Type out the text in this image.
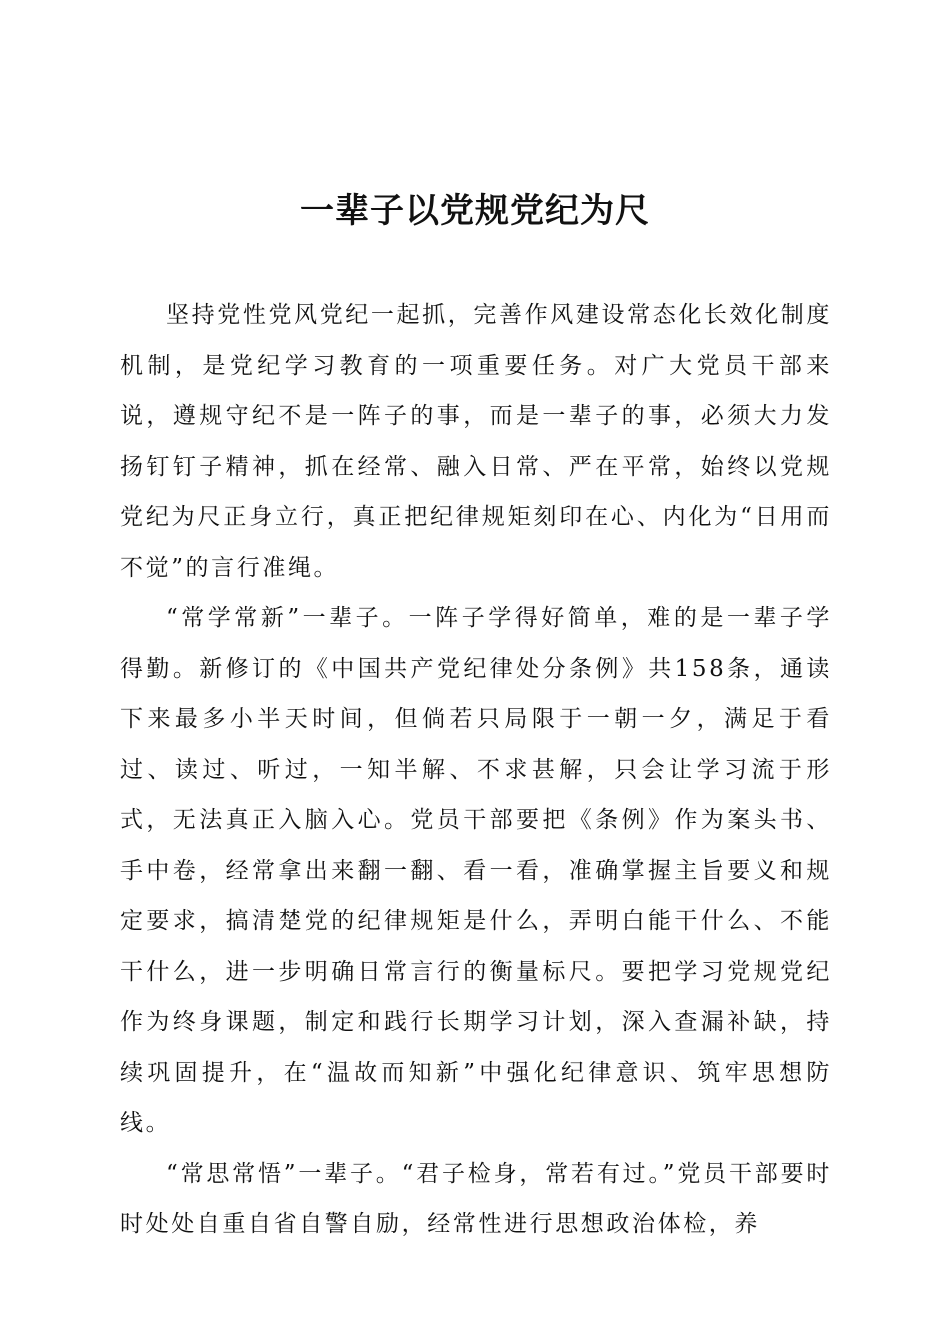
一辈子以党规党纪为尺

坚持党性党风党纪一起抓，完善作风建设常态化长效化制度机制，是党纪学习教育的一项重要任务。对广大党员干部来说，遵规守纪不是一阵子的事，而是一辈子的事，必须大力发扬钉钉子精神，抓在经常、融入日常、严在平常，始终以党规党纪为尺正身立行，真正把纪律规矩刻印在心、内化为“日用而不觉”的言行准绳。

“常学常新”一辈子。一阵子学得好简单，难的是一辈子学得勤。新修订的《中国共产党纪律处分条例》共158条，通读下来最多小半天时间，但倘若只局限于一朝一夕，满足于看过、读过、听过，一知半解、不求甚解，只会让学习流于形式，无法真正入脑入心。党员干部要把《条例》作为案头书、手中卷，经常拿出来翻一翻、看一看，准确掌握主旨要义和规定要求，搞清楚党的纪律规矩是什么，弄明白能干什么、不能干什么，进一步明确日常言行的衡量标尺。要把学习党规党纪作为终身课题，制定和践行长期学习计划，深入查漏补缺，持续巩固提升，在“温故而知新”中强化纪律意识、筑牢思想防线。

“常思常悟”一辈子。“君子检身，常若有过。”党员干部要时时处处自重自省自警自励，经常性进行思想政治体检，养
